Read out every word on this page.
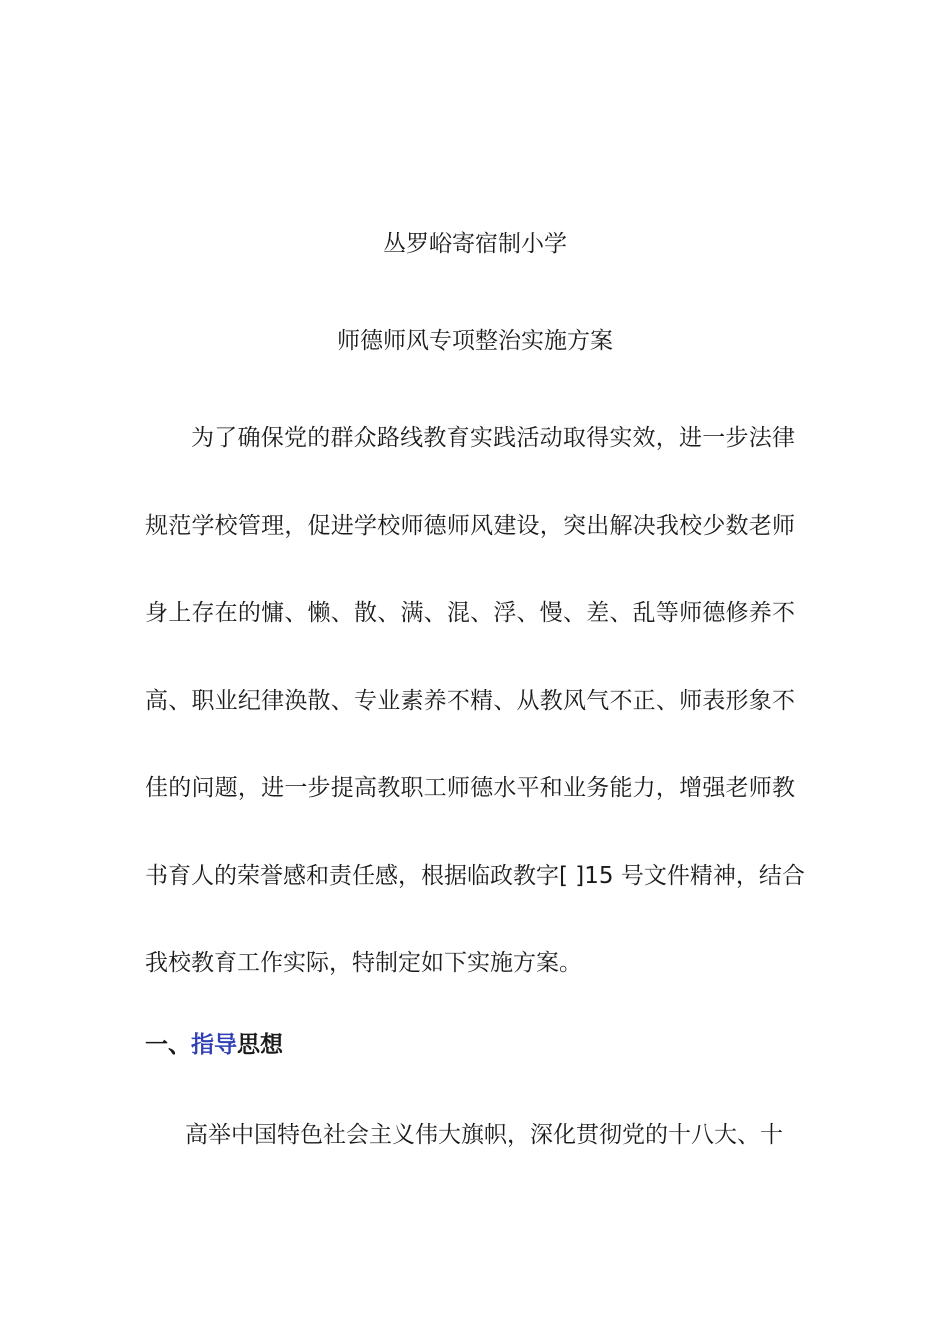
丛罗峪寄宿制小学
师德师风专项整治实施方案
为了确保党的群众路线教育实践活动取得实效，进一步法律
规范学校管理，促进学校师德师风建设，突出解决我校少数老师
身上存在的慵、懒、散、满、混、浮、慢、差、乱等师德修养不
高、职业纪律涣散、专业素养不精、从教风气不正、师表形象不
佳的问题，进一步提高教职工师德水平和业务能力，增强老师教
书育人的荣誉感和责任感，根据临政教字[ ]15 号文件精神，结合
我校教育工作实际，特制定如下实施方案。
一、指导思想
高举中国特色社会主义伟大旗帜，深化贯彻党的十八大、十
